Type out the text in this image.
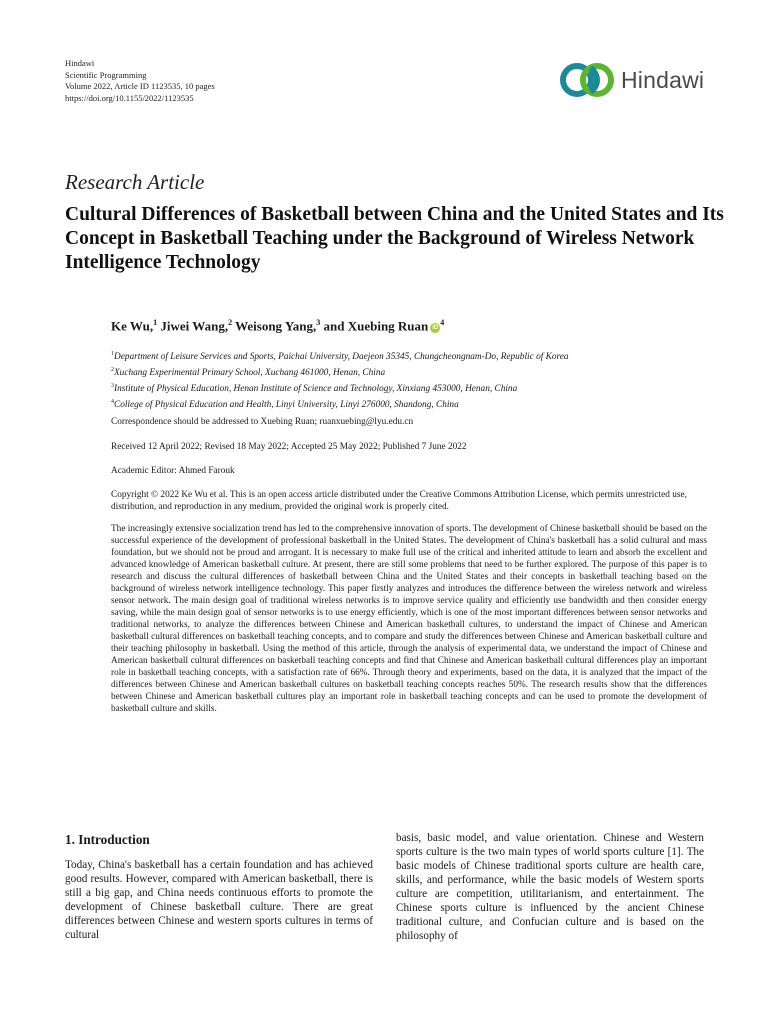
Hindawi
Scientific Programming
Volume 2022, Article ID 1123535, 10 pages
https://doi.org/10.1155/2022/1123535
Hindawi
Research Article
Cultural Differences of Basketball between China and the United States and Its Concept in Basketball Teaching under the Background of Wireless Network Intelligence Technology
Ke Wu,$^1$ Jiwei Wang,$^2$ Weisong Yang,$^3$ and Xuebing Ruan $iD^4$
$^1$Department of Leisure Services and Sports, Paichai University, Daejeon 35345, Chungcheongnam-Do, Republic of Korea
$^2$Xuchang Experimental Primary School, Xuchang 461000, Henan, China
$^3$Institute of Physical Education, Henan Institute of Science and Technology, Xinxiang 453000, Henan, China
$^4$College of Physical Education and Health, Linyi University, Linyi 276000, Shandong, China
Correspondence should be addressed to Xuebing Ruan; ruanxuebing@lyu.edu.cn
Received 12 April 2022; Revised 18 May 2022; Accepted 25 May 2022; Published 7 June 2022
Academic Editor: Ahmed Farouk
Copyright © 2022 Ke Wu et al. This is an open access article distributed under the Creative Commons Attribution License, which permits unrestricted use, distribution, and reproduction in any medium, provided the original work is properly cited.

The increasingly extensive socialization trend has led to the comprehensive innovation of sports. The development of Chinese basketball should be based on the successful experience of the development of professional basketball in the United States. The development of China's basketball has a solid cultural and mass foundation, but we should not be proud and arrogant. It is necessary to make full use of the critical and inherited attitude to learn and absorb the excellent and advanced knowledge of American basketball culture. At present, there are still some problems that need to be further explored. The purpose of this paper is to research and discuss the cultural differences of basketball between China and the United States and their concepts in basketball teaching based on the background of wireless network intelligence technology. This paper firstly analyzes and introduces the difference between the wireless network and wireless sensor network. The main design goal of traditional wireless networks is to improve service quality and efficiently use bandwidth and then consider energy saving, while the main design goal of sensor networks is to use energy efficiently, which is one of the most important differences between sensor networks and traditional networks, to analyze the differences between Chinese and American basketball cultures, to understand the impact of Chinese and American basketball cultural differences on basketball teaching concepts, and to compare and study the differences between Chinese and American basketball culture and their teaching philosophy in basketball. Using the method of this article, through the analysis of experimental data, we understand the impact of Chinese and American basketball cultural differences on basketball teaching concepts and find that Chinese and American basketball cultural differences play an important role in basketball teaching concepts, with a satisfaction rate of 66%. Through theory and experiments, based on the data, it is analyzed that the impact of the differences between Chinese and American basketball cultures on basketball teaching concepts reaches 50%. The research results show that the differences between Chinese and American basketball cultures play an important role in basketball teaching concepts and can be used to promote the development of basketball culture and skills.

1. Introduction

Today, China's basketball has a certain foundation and has achieved good results. However, compared with American basketball, there is still a big gap, and China needs continuous efforts to promote the development of Chinese basketball culture. There are great differences between Chinese and western sports cultures in terms of cultural

basis, basic model, and value orientation. Chinese and Western sports culture is the two main types of world sports culture [1]. The basic models of Chinese traditional sports culture are health care, skills, and performance, while the basic models of Western sports culture are competition, utilitarianism, and entertainment. The Chinese sports culture is influenced by the ancient Chinese traditional culture, and Confucian culture and is based on the philosophy of
